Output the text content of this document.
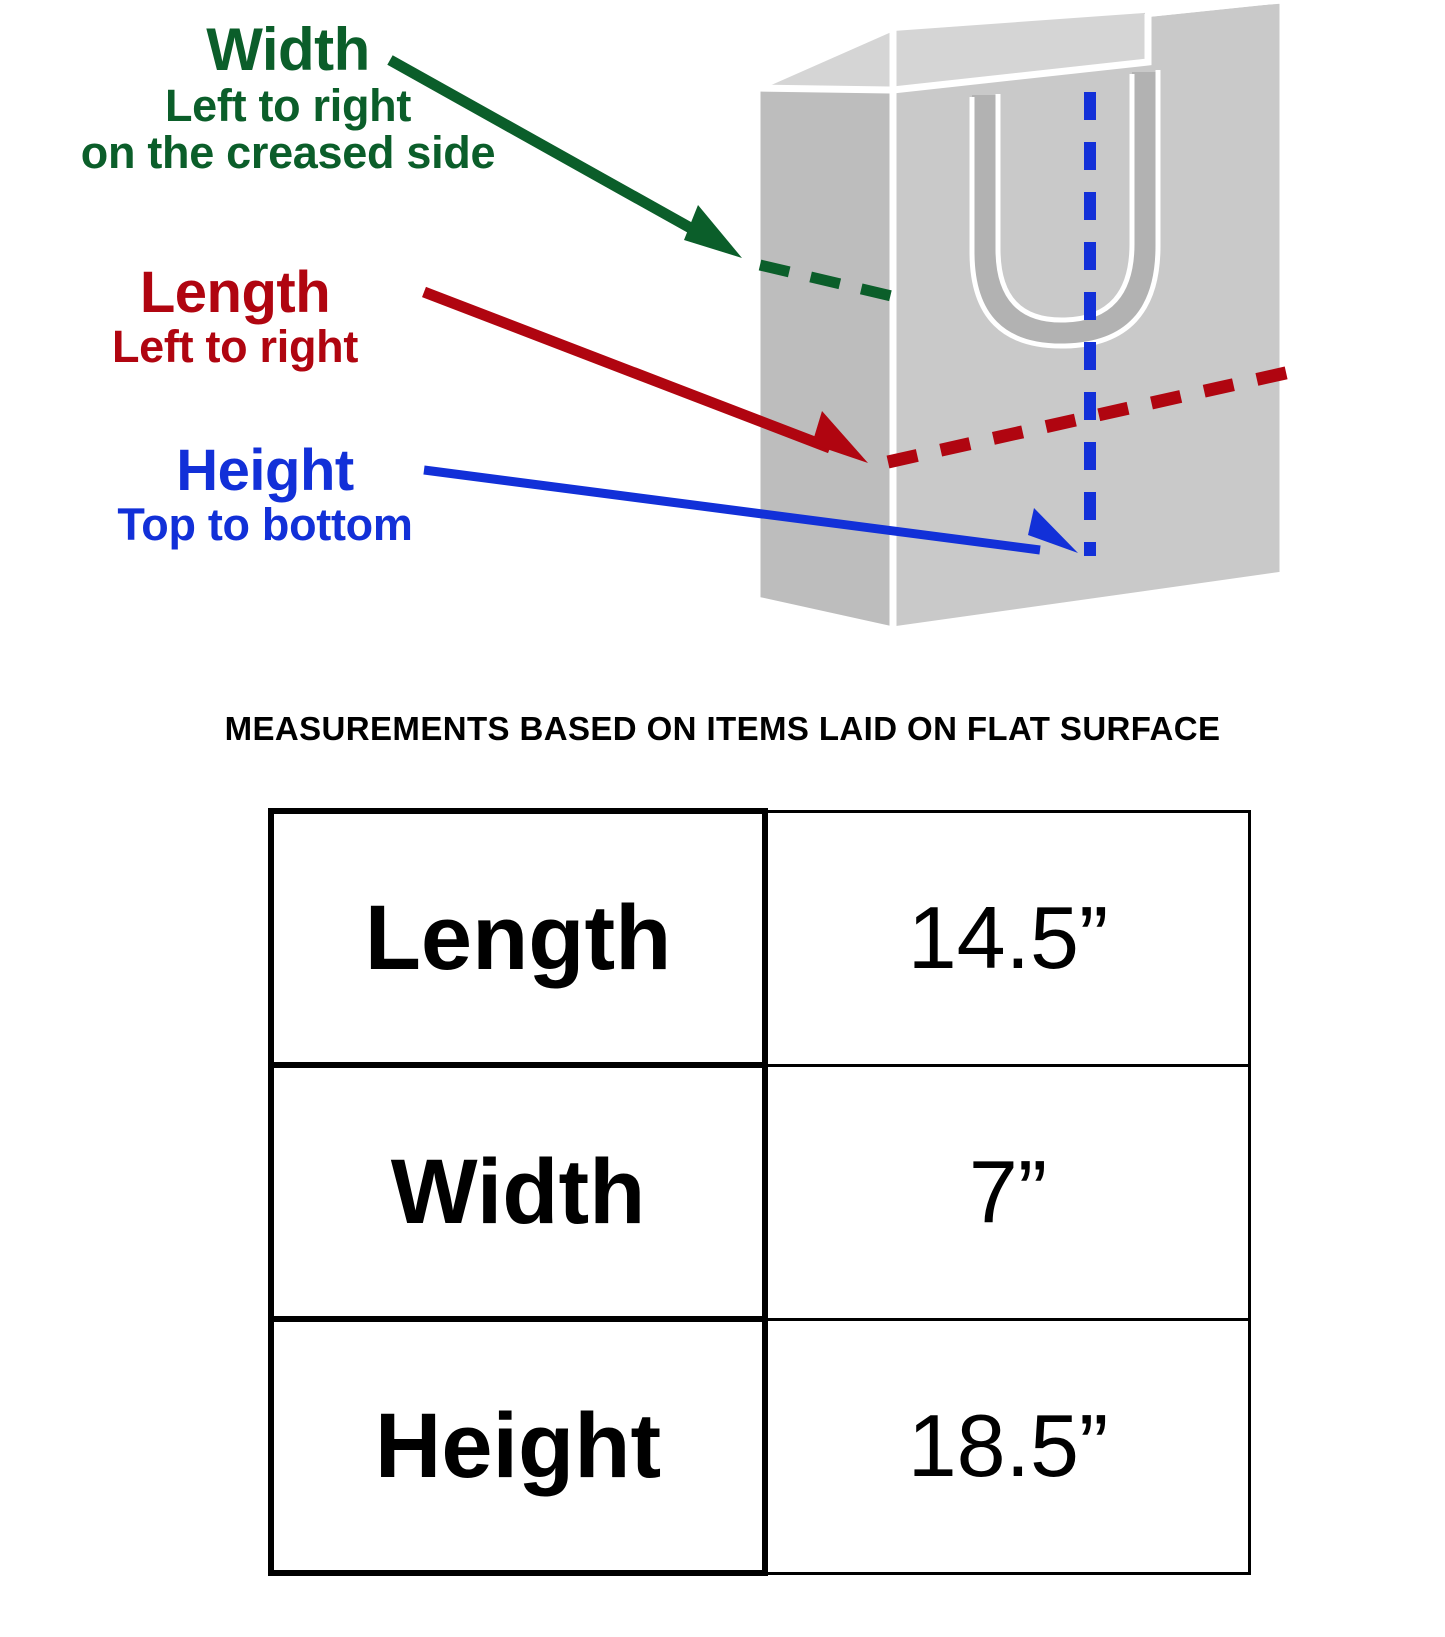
Width
Left to right
on the creased side
Length
Left to right
Height
Top to bottom
MEASUREMENTS BASED ON ITEMS LAID ON FLAT SURFACE
Length	14.5”
Width	7”
Height	18.5”
